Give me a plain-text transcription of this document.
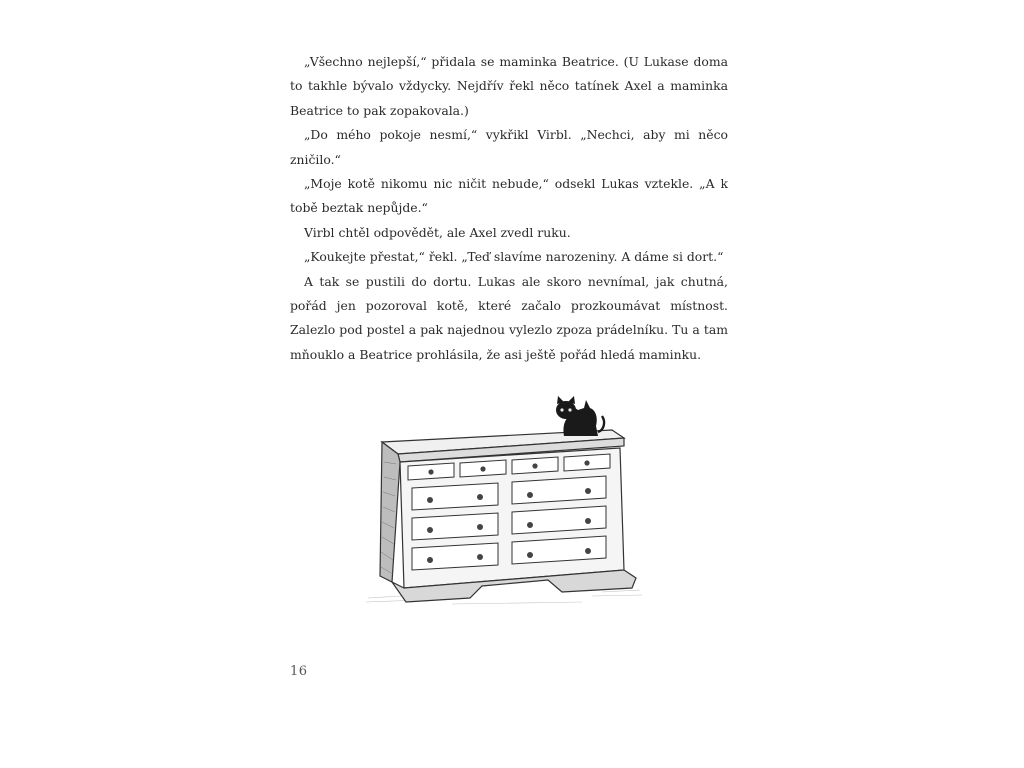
„Všechno nejlepší,“ přidala se maminka Beatrice. (U Lukase doma to takhle bývalo vždycky. Nejdřív řekl něco tatínek Axel a maminka Beatrice to pak zopakovala.)

„Do mého pokoje nesmí,“ vykřikl Virbl. „Nechci, aby mi něco zničilo.“

„Moje kotě nikomu nic ničit nebude,“ odsekl Lukas vztekle. „A k tobě beztak nepůjde.“

Virbl chtěl odpovědět, ale Axel zvedl ruku.

„Koukejte přestat,“ řekl. „Teď slavíme narozeniny. A dáme si dort.“

A tak se pustili do dortu. Lukas ale skoro nevnímal, jak chutná, pořád jen pozoroval kotě, které začalo prozkoumávat místnost. Zalezlo pod postel a pak najednou vylezlo zpoza prádelníku. Tu a tam mňouklo a Beatrice prohlásila, že asi ještě pořád hledá maminku.

16
